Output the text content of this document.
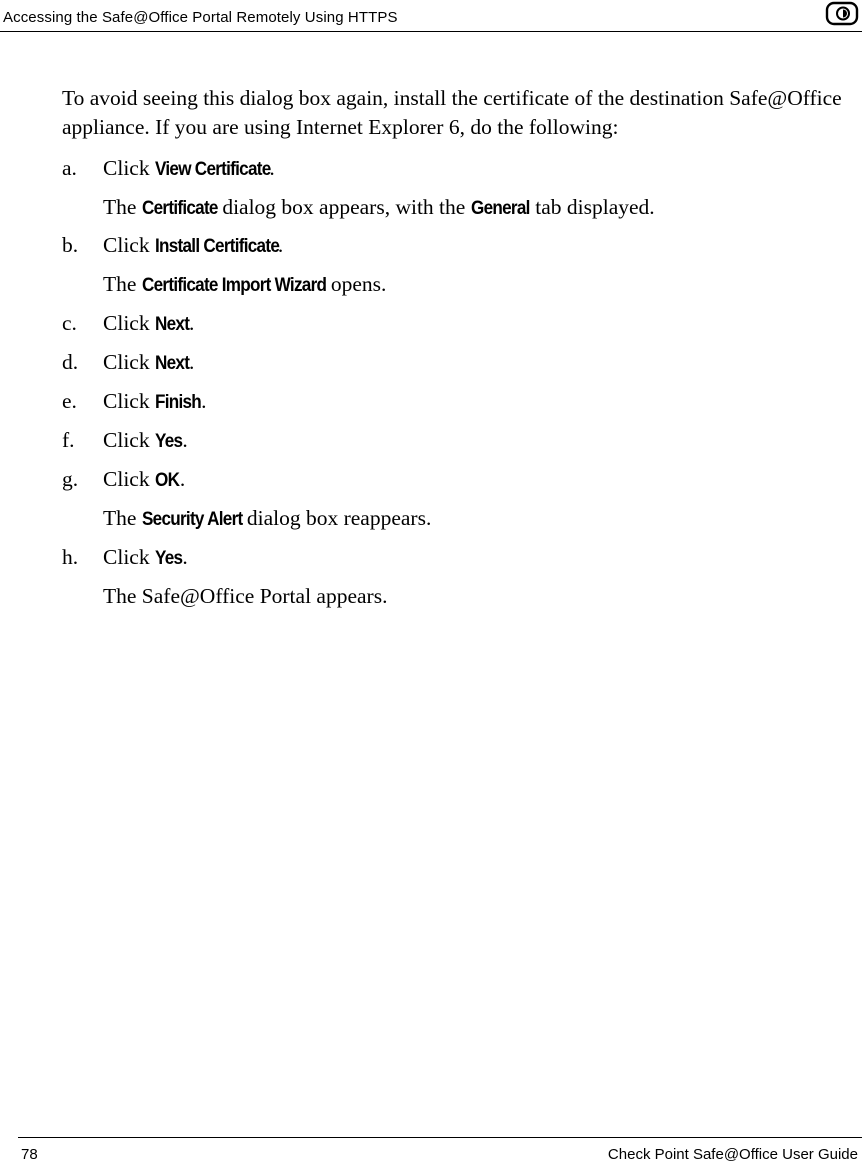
Accessing the Safe@Office Portal Remotely Using HTTPS

To avoid seeing this dialog box again, install the certificate of the destination Safe@Office appliance. If you are using Internet Explorer 6, do the following:

a. Click View Certificate.
The Certificate dialog box appears, with the General tab displayed.
b. Click Install Certificate.
The Certificate Import Wizard opens.
c. Click Next.
d. Click Next.
e. Click Finish.
f. Click Yes.
g. Click OK.
The Security Alert dialog box reappears.
h. Click Yes.
The Safe@Office Portal appears.
78	Check Point Safe@Office User Guide
